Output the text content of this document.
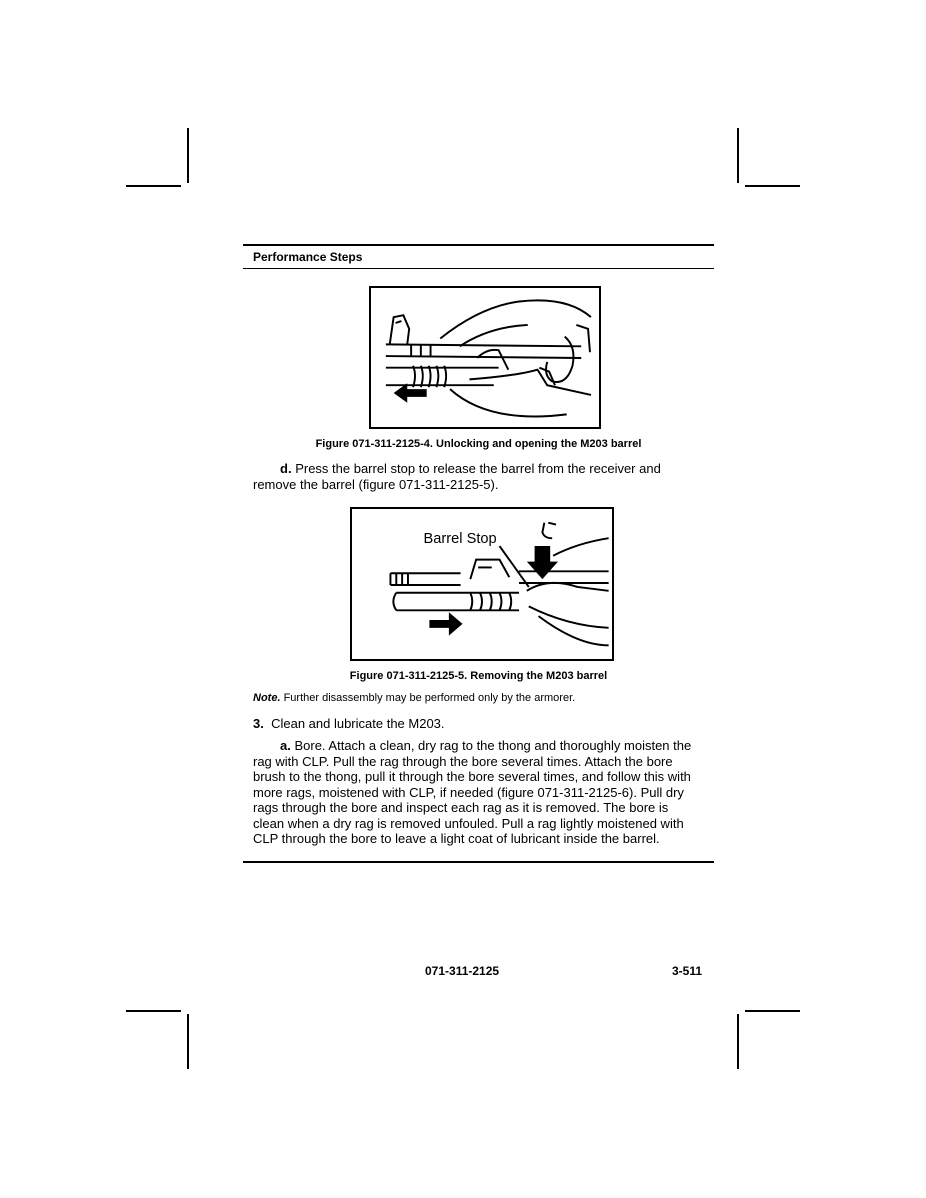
Performance Steps
Figure 071-311-2125-4. Unlocking and opening the M203 barrel
d. Press the barrel stop to release the barrel from the receiver and remove the barrel (figure 071-311-2125-5).
Barrel Stop
Figure 071-311-2125-5. Removing the M203 barrel
Note. Further disassembly may be performed only by the armorer.
3. Clean and lubricate the M203.
a. Bore. Attach a clean, dry rag to the thong and thoroughly moisten the rag with CLP. Pull the rag through the bore several times. Attach the bore brush to the thong, pull it through the bore several times, and follow this with more rags, moistened with CLP, if needed (figure 071-311-2125-6). Pull dry rags through the bore and inspect each rag as it is removed. The bore is clean when a dry rag is removed unfouled. Pull a rag lightly moistened with CLP through the bore to leave a light coat of lubricant inside the barrel.
071-311-2125	3-511
